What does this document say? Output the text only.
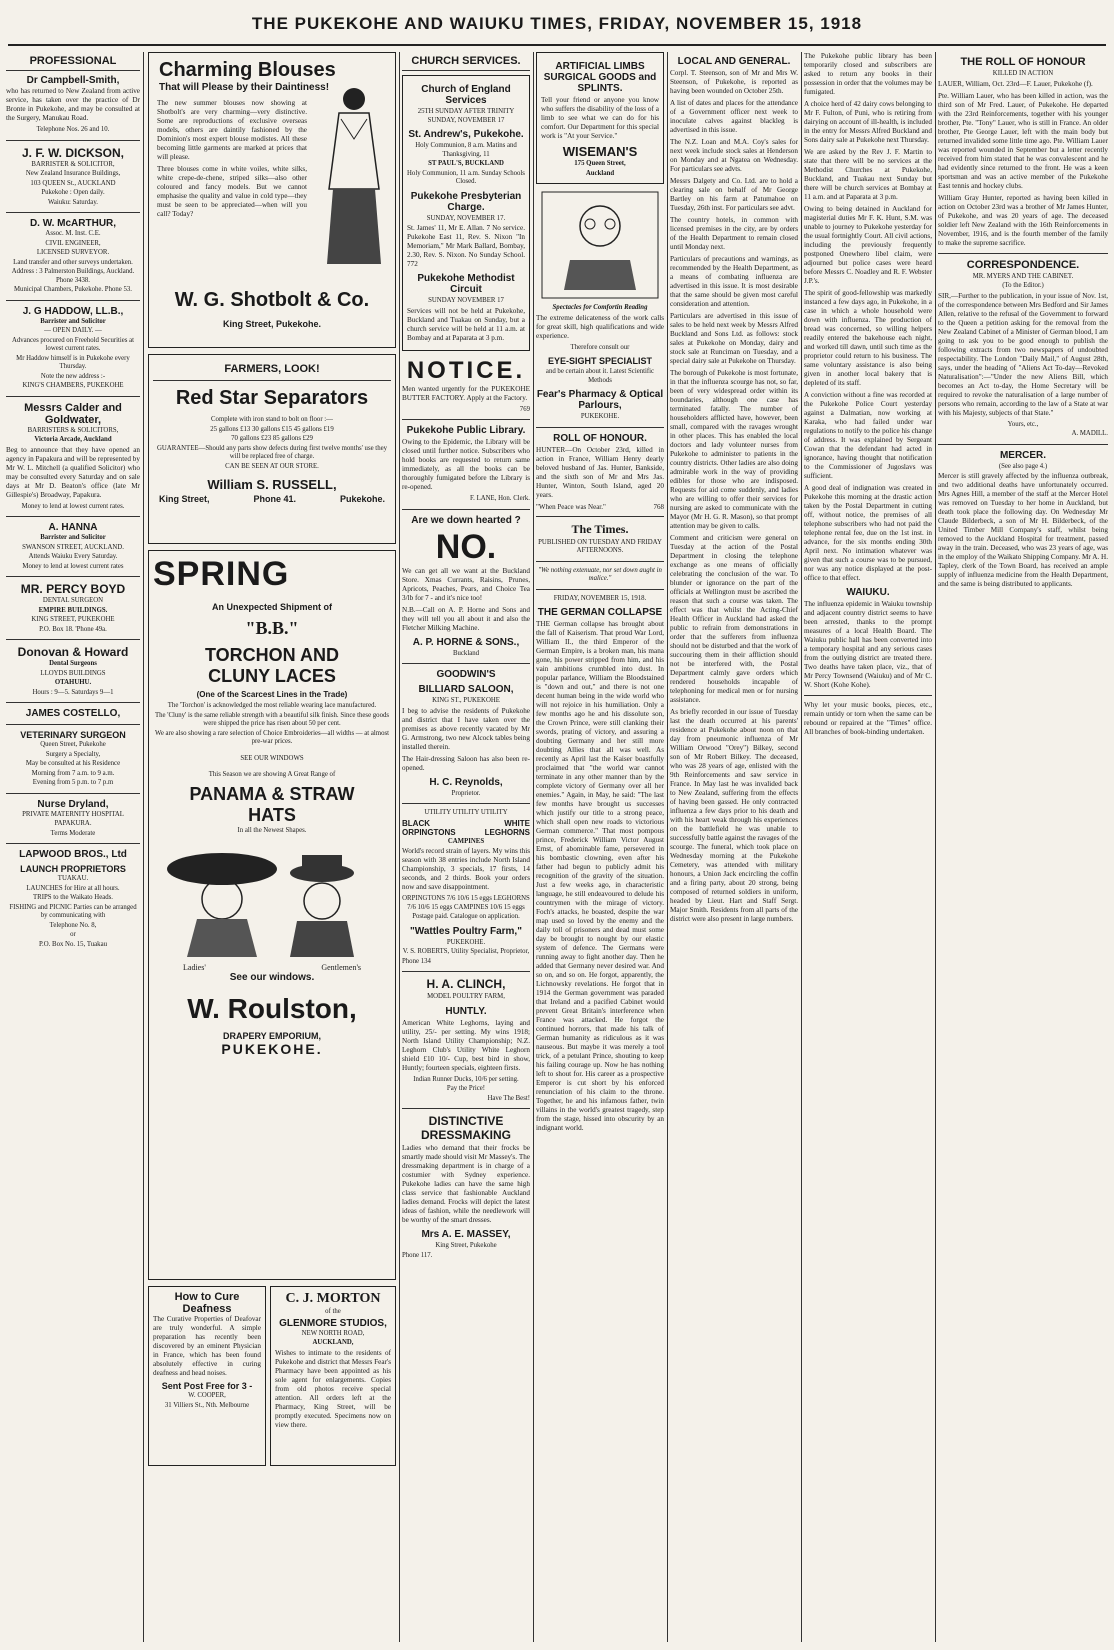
THE PUKEKOHE AND WAIUKU TIMES, FRIDAY, NOVEMBER 15, 1918
PROFESSIONAL
Dr Campbell-Smith,

who has returned to New Zealand from active service, has taken over the practice of Dr Bronte in Pukekohe, and may be consulted at the Surgery, Manukau Road.

Telephone Nos. 26 and 10.
J. F. W. DICKSON,
BARRISTER & SOLICITOR,
New Zealand Insurance Buildings,
103 QUEEN St., AUCKLAND
Pukekohe : Open daily.
Waiuku: Saturday.
D. W. McARTHUR,
Assoc. M. Inst. C.E.
CIVIL ENGINEER,
LICENSED SURVEYOR.
Land transfer and other surveys undertaken.
Address : 3 Palmerston Buildings, Auckland. Phone 3438.
Municipal Chambers, Pukekohe. Phone 53.
J. G HADDOW, LL.B.,
Barrister and Solicitor
— OPEN DAILY. —
Advances procured on Freehold Securities at lowest current rates.
Mr Haddow himself is in Pukekohe every Thursday.
Note the new address :-
KING'S CHAMBERS, PUKEKOHE
Messrs Calder and Goldwater,
BARRISTERS & SOLICITORS,
Victoria Arcade, Auckland

Beg to announce that they have opened an agency in Papakura and will be represented by Mr W. L. Mitchell (a qualified Solicitor) who may be consulted every Saturday and on sale days at Mr D. Beaton's office (late Mr Gillespie's) Broadway, Papakura.

Money to lend at lowest current rates.
A. HANNA
Barrister and Solicitor
SWANSON STREET, AUCKLAND.
Attends Waiuku Every Saturday.
Money to lend at lowest current rates
MR. PERCY BOYD
DENTAL SURGEON
EMPIRE BUILDINGS.
KING STREET, PUKEKOHE
P.O. Box 18. 'Phone 49a.
Donovan & Howard
Dental Surgeons
LLOYDS BUILDINGS
OTAHUHU.
Hours : 9—5. Saturdays 9—1
JAMES COSTELLO,
VETERINARY SURGEON
Queen Street, Pukekohe
Surgery a Specialty,
May be consulted at his Residence
Morning from 7 a.m. to 9 a.m.
Evening from 5 p.m. to 7 p.m
Nurse Dryland,
PRIVATE MATERNITY HOSPITAL
PAPAKURA.
Terms Moderate
LAPWOOD BROS., Ltd
LAUNCH PROPRIETORS
TUAKAU.
LAUNCHES for Hire at all hours.
TRIPS to the Waikato Heads.
FISHING and PICNIC Parties can be arranged by communicating with
Telephone No. 8,
or
P.O. Box No. 15, Tuakau
Charming Blouses
That will Please by their Daintiness!

The new summer blouses now showing at Shotbolt's are very charming—very distinctive. Some are reproductions of exclusive overseas models, others are daintily fashioned by the Dominion's most expert blouse modistes. All these becoming little garments are marked at prices that will please.

Three blouses come in white voiles, white silks, white crepe-de-chene, striped silks—also other coloured and fancy models. But we cannot emphasise the quality and value in cold type—they must be seen to be appreciated—when will you call? Today?

W. G. Shotbolt & Co.
King Street, Pukekohe.
FARMERS, LOOK!
Red Star Separators
Complete with iron stand to bolt on floor :—
25 gallons £13 30 gallons £15 45 gallons £19
70 gallons £23 85 gallons £29
GUARANTEE—Should any parts show defects during first twelve months' use they will be replaced free of charge.
CAN BE SEEN AT OUR STORE.
William S. RUSSELL,
King Street,	Phone 41.	Pukekohe.
SPRING
An Unexpected Shipment of
"B.B."
TORCHON AND
CLUNY LACES
(One of the Scarcest Lines in the Trade)
The 'Torchon' is acknowledged the most reliable wearing lace manufactured.
The 'Cluny' is the same reliable strength with a beautiful silk finish. Since these goods were shipped the price has risen about 50 per cent.
We are also showing a rare selection of Choice Embroideries—all widths — at almost pre-war prices.
SEE OUR WINDOWS
This Season we are showing A Great Range of
PANAMA & STRAW
HATS
In all the Newest Shapes.
Ladies'	Gentlemen's
See our windows.
W. Roulston,
DRAPERY EMPORIUM,
PUKEKOHE.
How to Cure Deafness

The Curative Properties of Deafovar are truly wonderful. A simple preparation has recently been discovered by an eminent Physician in France, which has been found absolutely effective in curing deafness and head noises.

Sent Post Free for 3 -
W. COOPER,
31 Villiers St., Nth. Melbourne
C. J. MORTON
of the
GLENMORE STUDIOS,
NEW NORTH ROAD,
AUCKLAND,

Wishes to intimate to the residents of Pukekohe and district that Messrs Fear's Pharmacy have been appointed as his sole agent for enlargements. Copies from old photos receive special attention. All orders left at the Pharmacy, King Street, will be promptly executed. Specimens now on view there.

CHURCH SERVICES.
Church of England Services
25TH SUNDAY AFTER TRINITY SUNDAY, NOVEMBER 17
St. Andrew's, Pukekohe.
Holy Communion, 8 a.m. Matins and Thanksgiving, 11
ST PAUL'S, BUCKLAND
Holy Communion, 11 a.m. Sunday Schools Closed.
Pukekohe Presbyterian Charge.
SUNDAY, NOVEMBER 17.

St. James' 11, Mr E. Allan. 7 No service. Pukekohe East 11, Rev. S. Nixon "In Memoriam," Mr Mark Ballard, Bombay, 2.30, Rev. S. Nixon. No Sunday School. 772

Pukekohe Methodist Circuit
SUNDAY NOVEMBER 17

Services will not be held at Pukekohe, Buckland and Tuakau on Sunday, but a church service will be held at 11 a.m. at Bombay and at Paparata at 3 p.m.

NOTICE.

Men wanted urgently for the PUKEKOHE BUTTER FACTORY. Apply at the Factory.

769
Pukekohe Public Library.

Owing to the Epidemic, the Library will be closed until further notice. Subscribers who hold books are requested to return same immediately, as all the books can be thoroughly fumigated before the Library is re-opened.

F. LANE, Hon. Clerk.
Are we down hearted ?
NO.

We can get all we want at the Buckland Store. Xmas Currants, Raisins, Prunes, Apricots, Peaches, Pears, and Choice Tea 3/lb for 7 - and it's nice too!

N.B.—Call on A. P. Horne and Sons and they will tell you all about it and also the Fletcher Milking Machine.

A. P. HORNE & SONS.,
Buckland
GOODWIN'S
BILLIARD SALOON,
KING ST., PUKEKOHE

I beg to advise the residents of Pukekohe and district that I have taken over the premises as above recently vacated by Mr G. Armstrong, two new Alcock tables being installed therein.

The Hair-dressing Saloon has also been re-opened.

H. C. Reynolds,
Proprietor.
UTILITY UTILITY UTILITY
BLACK	WHITE
ORPINGTONS	LEGHORNS
CAMPINES

World's record strain of layers. My wins this season with 38 entries include North Island Championship, 3 specials, 17 firsts, 14 seconds, and 2 thirds. Book your orders now and save disappointment.

ORPINGTONS 7/6 10/6 15 eggs LEGHORNS 7/6 10/6 15 eggs CAMPINES 10/6 15 eggs
Postage paid. Catalogue on application.
"Wattles Poultry Farm,"
PUKEKOHE.
V. S. ROBERTS, Utility Specialist, Proprietor,
Phone 134
H. A. CLINCH,
MODEL POULTRY FARM,
HUNTLY.

American White Leghorns, laying and utility, 25/- per setting. My wins 1918; North Island Utility Championship; N.Z. Leghorn Club's Utility White Leghorn shield £10 10/- Cup, best bird in show, Huntly; fourteen specials, eighteen firsts.

Indian Runner Ducks, 10/6 per setting.
Pay the Price!
Have The Best!
DISTINCTIVE DRESSMAKING

Ladies who demand that their frocks be smartly made should visit Mr Massey's. The dressmaking department is in charge of a costumier with Sydney experience. Pukekohe ladies can have the same high class service that fashionable Auckland ladies demand. Frocks will depict the latest ideas of fashion, while the needlework will be worthy of the smart dresses.

Mrs A. E. MASSEY,
King Street, Pukekohe
Phone 117.
ARTIFICIAL LIMBS SURGICAL GOODS and SPLINTS.

Tell your friend or anyone you know who suffers the disability of the loss of a limb to see what we can do for his comfort. Our Department for this special work is "At your Service."

WISEMAN'S
175 Queen Street,
Auckland
Spectacles for Comfortin Reading

The extreme delicateness of the work calls for great skill, high qualifications and wide experience.

Therefore consult our
EYE-SIGHT SPECIALIST
and be certain about it. Latest Scientific Methods
Fear's Pharmacy & Optical Parlours,
PUKEKOHE.
ROLL OF HONOUR.

HUNTER—On October 23rd, killed in action in France, William Henry dearly beloved husband of Jas. Hunter, Bankside, and the sixth son of Mr and Mrs Jas. Hunter, Winton, South Island, aged 20 years.

"When Peace was Near."	768
The Times.
PUBLISHED ON TUESDAY AND FRIDAY AFTERNOONS.
"We nothing extenuate, nor set down aught in malice."
FRIDAY, NOVEMBER 15, 1918.
THE GERMAN COLLAPSE

THE German collapse has brought about the fall of Kaiserism. That proud War Lord, William II., the third Emperor of the German Empire, is a broken man, his mana gone, his power stripped from him, and his vain ambitions crumbled into dust. In popular parlance, William the Bloodstained is "down and out," and there is not one decent human being in the wide world who will not rejoice in his humiliation. Only a few months ago he and his dissolute son, the Crown Prince, were still clanking their swords, prating of victory, and assuring a doubting Germany and her still more doubting Allies that all was well. As recently as April last the Kaiser boastfully proclaimed that "the world war cannot terminate in any other manner than by the complete victory of Germany over all her enemies." Again, in May, he said: "The last few months have brought us successes which justify our title to a strong peace, which shall open new roads to victorious German commerce." That most pompous prince, Frederick William Victor August Ernst, of abominable fame, persevered in his bombastic clowning, even after his father had begun to publicly admit his recognition of the gravity of the situation. Just a few weeks ago, in characteristic language, he still endeavoured to delude his countrymen with the mirage of victory. Foch's attacks, he boasted, despite the war map used so loved by the enemy and the daily toll of prisoners and dead must some day be brought to nought by our elastic system of defence. The Germans were running away to fight another day. Then he added that Germany never desired war. And so on, and so on. He forgot, apparently, the Lichnowsky revelations. He forgot that in 1914 the German government was paraded that Ireland and a pacified Cabinet would prevent Great Britain's interference when France was attacked. He forgot the continued horrors, that made his talk of German humanity as ridiculous as it was nauseous. But maybe it was merely a tool trick, of a petulant Prince, shouting to keep his failing courage up. Now he has nothing left to shout for. His career as a prospective Emperor is cut short by his enforced renunciation of his claim to the throne. Together, he and his infamous father, twin villains in the world's greatest tragedy, step from the stage, hissed into obscurity by an indignant world.

LOCAL AND GENERAL.

Corpl. T. Steenson, son of Mr and Mrs W. Steenson, of Pukekohe, is reported as having been wounded on October 25th.

A list of dates and places for the attendance of a Government officer next week to inoculate calves against blackleg is advertised in this issue.

The N.Z. Loan and M.A. Coy's sales for next week include stock sales at Henderson on Monday and at Ngatea on Wednesday. For particulars see advts.

Messrs Dalgety and Co. Ltd. are to hold a clearing sale on behalf of Mr George Bartley on his farm at Patumahoe on Tuesday, 26th inst. For particulars see advt.

The country hotels, in common with licensed premises in the city, are by orders of the Health Department to remain closed until Monday next.

Particulars of precautions and warnings, as recommended by the Health Department, as a means of combating influenza are advertised in this issue. It is most desirable that the same should be given most careful consideration and attention.

Particulars are advertised in this issue of sales to be held next week by Messrs Alfred Buckland and Sons Ltd. as follows: stock sales at Pukekohe on Monday, dairy and stock sale at Runciman on Tuesday, and a special dairy sale at Pukekohe on Thursday.

The borough of Pukekohe is most fortunate, in that the influenza scourge has not, so far, been of very widespread order within its boundaries, although one case has terminated fatally. The number of householders afflicted have, however, been small, compared with the ravages wrought in other places. This has enabled the local doctors and lady volunteer nurses from Pukekohe to administer to patients in the country districts. Other ladies are also doing admirable work in the way of providing edibles for those who are indisposed. Requests for aid come suddenly, and ladies who are willing to offer their services for nursing are asked to communicate with the Mayor (Mr H. G. R. Mason), so that prompt attention may be given to calls.

Comment and criticism were general on Tuesday at the action of the Postal Department in closing the telephone exchange as one means of officially celebrating the conclusion of the war. To blunder or ignorance on the part of the officials at Wellington must be ascribed the reason that such a course was taken. The effect was that whilst the Acting-Chief Health Officer in Auckland had asked the public to refrain from demonstrations in order that the sufferers from influenza should not be disturbed and that the work of succouring them in their affliction should not be interfered with, the Postal Department calmly gave orders which rendered households incapable of telephoning for medical men or for nursing assistance.

As briefly recorded in our issue of Tuesday last the death occurred at his parents' residence at Pukekohe about noon on that day from pneumonic influenza of Mr William Orwood "Orey") Bilkey, second son of Mr Robert Bilkey. The deceased, who was 28 years of age, enlisted with the 9th Reinforcements and saw service in France. In May last he was invalided back to New Zealand, suffering from the effects of having been gassed. He only contracted influenza a few days prior to his death and with his heart weak through his experiences on the battlefield he was unable to successfully battle against the ravages of the scourge. The funeral, which took place on Wednesday morning at the Pukekohe Cemetery, was attended with military honours, a Union Jack encircling the coffin and a firing party, about 20 strong, being composed of returned soldiers in uniform, headed by Lieut. Hart and Staff Sergt. Major Smith. Residents from all parts of the district were also present in large numbers.

The Pukekohe public library has been temporarily closed and subscribers are asked to return any books in their possession in order that the volumes may be fumigated.

A choice herd of 42 dairy cows belonging to Mr F. Fulton, of Puni, who is retiring from dairying on account of ill-health, is included in the entry for Messrs Alfred Buckland and Sons dairy sale at Pukekohe next Thursday.

We are asked by the Rev J. F. Martin to state that there will be no services at the Methodist Churches at Pukekohe, Buckland, and Tuakau next Sunday but there will be church services at Bombay at 11 a.m. and at Paparata at 3 p.m.

Owing to being detained in Auckland for magisterial duties Mr F. K. Hunt, S.M. was unable to journey to Pukekohe yesterday for the usual fortnightly Court. All civil actions, including the previously frequently postponed Onewhero libel claim, were adjourned but police cases were heard before Messrs C. Noadley and R. F. Webster J.P.'s.

The spirit of good-fellowship was markedly instanced a few days ago, in Pukekohe, in a case in which a whole household were down with influenza. The production of bread was concerned, so willing helpers readily entered the bakehouse each night, and worked till dawn, until such time as the proprietor could return to his business. The same voluntary assistance is also being given in another local bakery that is depleted of its staff.

A conviction without a fine was recorded at the Pukekohe Police Court yesterday against a Dalmatian, now working at Karaka, who had failed under war regulations to notify to the police his change of address. It was explained by Sergeant Cowan that the defendant had acted in ignorance, having thought that notification to the Commissioner of Jugoslavs was sufficient.

A good deal of indignation was created in Pukekohe this morning at the drastic action taken by the Postal Department in cutting off, without notice, the premises of all telephone subscribers who had not paid the telephone rental fee, due on the 1st inst. in advance, for the six months ending 30th April next. No intimation whatever was given that such a course was to be pursued, nor was any notice displayed at the post-office to that effect.

WAIUKU.

The influenza epidemic in Waiuku township and adjacent country district seems to have been arrested, thanks to the prompt measures of a local Health Board. The Waiuku public hall has been converted into a temporary hospital and any serious cases from the outlying district are treated there. Two deaths have taken place, viz., that of Mr Percy Townsend (Waiuku) and of Mr C. W. Short (Kohe Kohe).

Why let your music books, pieces, etc., remain untidy or torn when the same can be rebound or repaired at the "Times" office. All branches of book-binding undertaken.

THE ROLL OF HONOUR
KILLED IN ACTION

LAUER, William, Oct. 23rd—F. Lauer, Pukekohe (f).

Pte. William Lauer, who has been killed in action, was the third son of Mr Fred. Lauer, of Pukekohe. He departed with the 23rd Reinforcements, together with his younger brother, Pte. "Tony" Lauer, who is still in France. An older brother, Pte George Lauer, left with the main body but returned invalided some little time ago. Pte. William Lauer was reported wounded in September but a letter recently received from him stated that he was convalescent and he had evidently since returned to the front. He was a keen sportsman and was an active member of the Pukekohe East tennis and hockey clubs.

William Gray Hunter, reported as having been killed in action on October 23rd was a brother of Mr James Hunter, of Pukekohe, and was 20 years of age. The deceased soldier left New Zealand with the 16th Reinforcements in November, 1916, and is the fourth member of the family to make the supreme sacrifice.

CORRESPONDENCE.
MR. MYERS AND THE CABINET.
(To the Editor.)

SIR,—Further to the publication, in your issue of Nov. 1st, of the correspondence between Mrs Bedford and Sir James Allen, relative to the refusal of the Government to forward to the Queen a petition asking for the removal from the New Zealand Cabinet of a Minister of German blood, I am going to ask you to be good enough to publish the following extracts from two newspapers of undoubted respectability. The London "Daily Mail," of August 28th, says, under the heading of "Aliens Act To-day—Revoked Naturalisation":—"Under the new Aliens Bill, which becomes an Act to-day, the Home Secretary will be required to revoke the naturalisation of a large number of persons who remain, according to the law of a State at war with his Majesty, subjects of that State."

Yours, etc.,
A. MADILL.
MERCER.
(See also page 4.)

Mercer is still gravely affected by the influenza outbreak, and two additional deaths have unfortunately occurred. Mrs Agnes Hill, a member of the staff at the Mercer Hotel was removed on Tuesday to her home in Auckland, but death took place the following day. On Wednesday Mr Claude Bilderbeck, a son of Mr H. Bilderbeck, of the United Timber Mill Company's staff, whilst being removed to the Auckland Hospital for treatment, passed away in the train. Deceased, who was 23 years of age, was in the employ of the Waikato Shipping Company. Mr A. H. Tapley, clerk of the Town Board, has received an ample supply of influenza medicine from the Health Department, and the same is being distributed to applicants.
